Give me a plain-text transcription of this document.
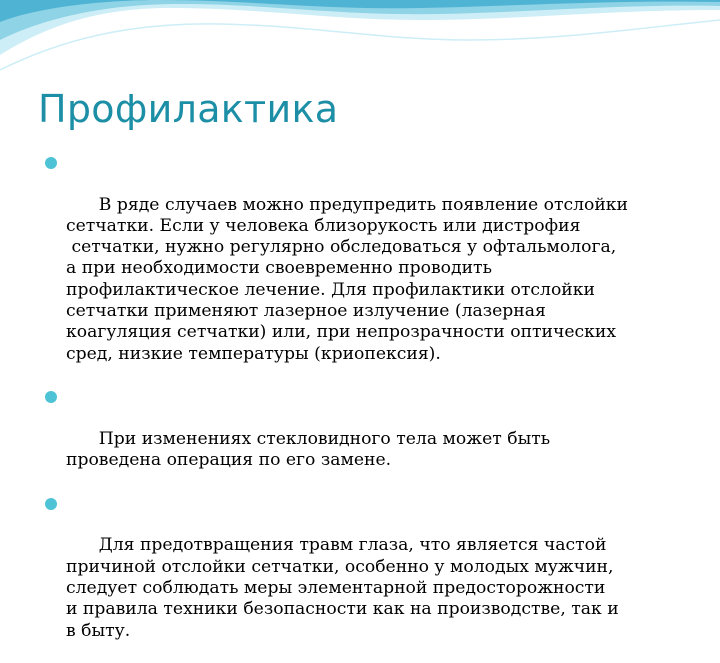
Профилактика

В ряде случаев можно предупредить появление отслойки
сетчатки. Если у человека близорукость или дистрофия
сетчатки, нужно регулярно обследоваться у офтальмолога,
а при необходимости своевременно проводить
профилактическое лечение. Для профилактики отслойки
сетчатки применяют лазерное излучение (лазерная
коагуляция сетчатки) или, при непрозрачности оптических
сред, низкие температуры (криопексия).

При изменениях стекловидного тела может быть
проведена операция по его замене.

Для предотвращения травм глаза, что является частой
причиной отслойки сетчатки, особенно у молодых мужчин,
следует соблюдать меры элементарной предосторожности
и правила техники безопасности как на производстве, так и
в быту.
